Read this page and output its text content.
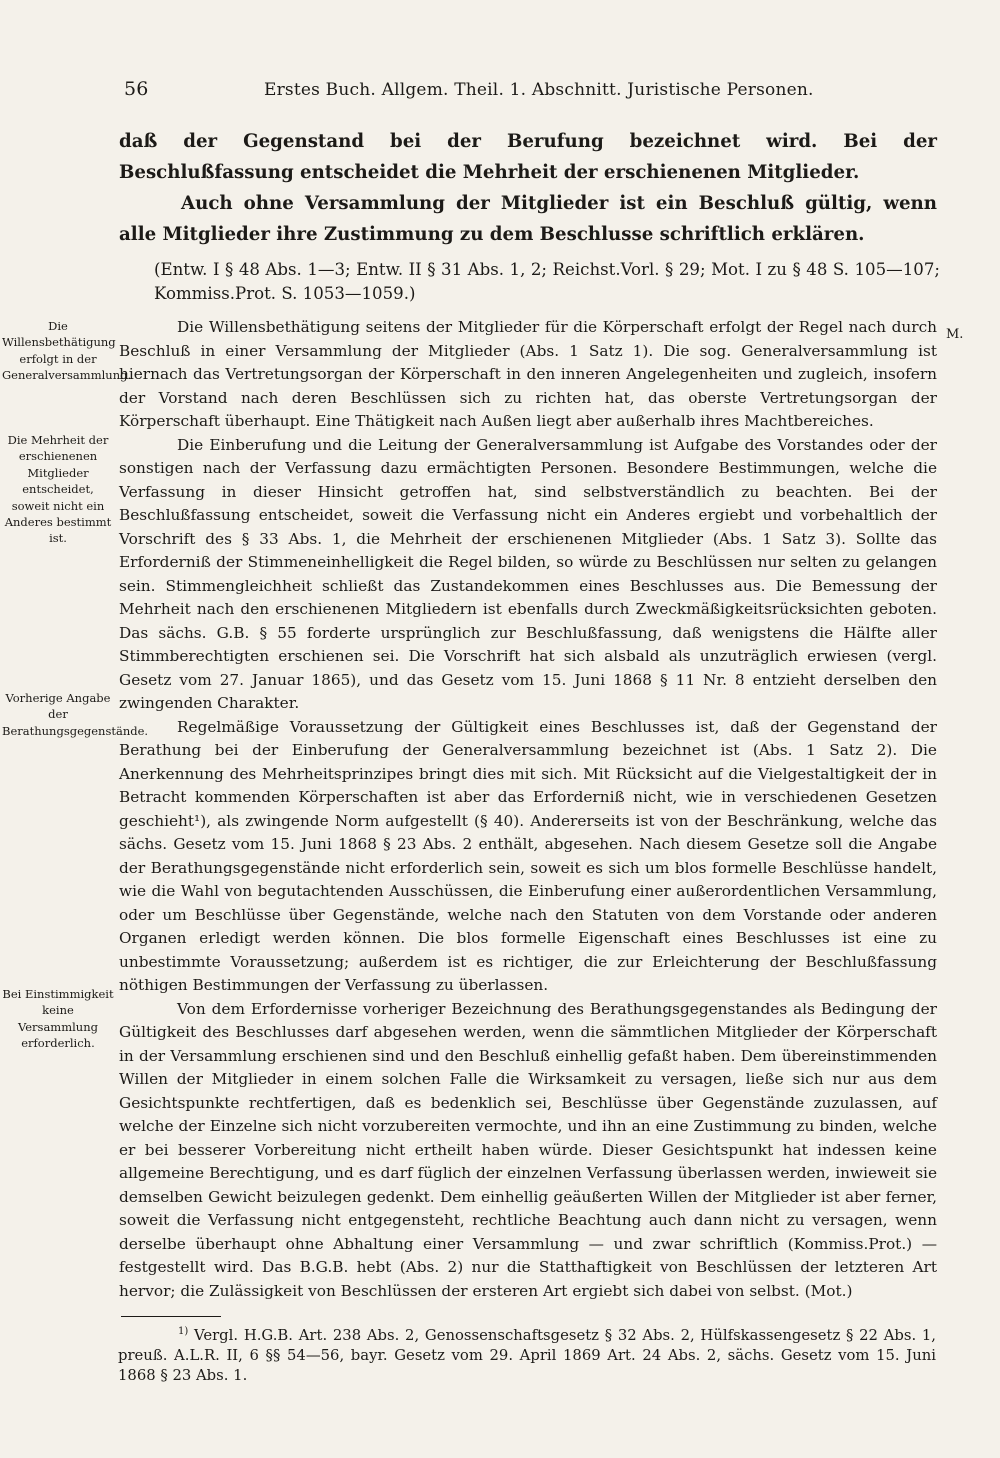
56	Erstes Buch. Allgem. Theil. 1. Abschnitt. Juristische Personen.

daß der Gegenstand bei der Berufung bezeichnet wird. Bei der Beschlußfassung entscheidet die Mehrheit der erschienenen Mitglieder.

Auch ohne Versammlung der Mitglieder ist ein Beschluß gültig, wenn alle Mitglieder ihre Zustimmung zu dem Beschlusse schriftlich erklären.

(Entw. I § 48 Abs. 1—3; Entw. II § 31 Abs. 1, 2; Reichst.Vorl. § 29; Mot. I zu § 48 S. 105—107; Kommiss.Prot. S. 1053—1059.)
Die Willensbethätigung erfolgt in der Generalversammlung.
Die Mehrheit der erschienenen Mitglieder entscheidet, soweit nicht ein Anderes bestimmt ist.
Vorherige Angabe der Berathungsgegenstände.
Bei Einstimmigkeit keine Versammlung erforderlich.
M.

Die Willensbethätigung seitens der Mitglieder für die Körperschaft erfolgt der Regel nach durch Beschluß in einer Versammlung der Mitglieder (Abs. 1 Satz 1). Die sog. Generalversammlung ist hiernach das Vertretungsorgan der Körperschaft in den inneren Angelegenheiten und zugleich, insofern der Vorstand nach deren Beschlüssen sich zu richten hat, das oberste Vertretungsorgan der Körperschaft überhaupt. Eine Thätigkeit nach Außen liegt aber außerhalb ihres Machtbereiches.

Die Einberufung und die Leitung der Generalversammlung ist Aufgabe des Vorstandes oder der sonstigen nach der Verfassung dazu ermächtigten Personen. Besondere Bestimmungen, welche die Verfassung in dieser Hinsicht getroffen hat, sind selbstverständlich zu beachten. Bei der Beschlußfassung entscheidet, soweit die Verfassung nicht ein Anderes ergiebt und vorbehaltlich der Vorschrift des § 33 Abs. 1, die Mehrheit der erschienenen Mitglieder (Abs. 1 Satz 3). Sollte das Erforderniß der Stimmeneinhelligkeit die Regel bilden, so würde zu Beschlüssen nur selten zu gelangen sein. Stimmengleichheit schließt das Zustandekommen eines Beschlusses aus. Die Bemessung der Mehrheit nach den erschienenen Mitgliedern ist ebenfalls durch Zweckmäßigkeitsrücksichten geboten. Das sächs. G.B. § 55 forderte ursprünglich zur Beschlußfassung, daß wenigstens die Hälfte aller Stimmberechtigten erschienen sei. Die Vorschrift hat sich alsbald als unzuträglich erwiesen (vergl. Gesetz vom 27. Januar 1865), und das Gesetz vom 15. Juni 1868 § 11 Nr. 8 entzieht derselben den zwingenden Charakter.

Regelmäßige Voraussetzung der Gültigkeit eines Beschlusses ist, daß der Gegenstand der Berathung bei der Einberufung der Generalversammlung bezeichnet ist (Abs. 1 Satz 2). Die Anerkennung des Mehrheitsprinzipes bringt dies mit sich. Mit Rücksicht auf die Vielgestaltigkeit der in Betracht kommenden Körperschaften ist aber das Erforderniß nicht, wie in verschiedenen Gesetzen geschieht¹), als zwingende Norm aufgestellt (§ 40). Andererseits ist von der Beschränkung, welche das sächs. Gesetz vom 15. Juni 1868 § 23 Abs. 2 enthält, abgesehen. Nach diesem Gesetze soll die Angabe der Berathungsgegenstände nicht erforderlich sein, soweit es sich um blos formelle Beschlüsse handelt, wie die Wahl von begutachtenden Ausschüssen, die Einberufung einer außerordentlichen Versammlung, oder um Beschlüsse über Gegenstände, welche nach den Statuten von dem Vorstande oder anderen Organen erledigt werden können. Die blos formelle Eigenschaft eines Beschlusses ist eine zu unbestimmte Voraussetzung; außerdem ist es richtiger, die zur Erleichterung der Beschlußfassung nöthigen Bestimmungen der Verfassung zu überlassen.

Von dem Erfordernisse vorheriger Bezeichnung des Berathungsgegenstandes als Bedingung der Gültigkeit des Beschlusses darf abgesehen werden, wenn die sämmtlichen Mitglieder der Körperschaft in der Versammlung erschienen sind und den Beschluß einhellig gefaßt haben. Dem übereinstimmenden Willen der Mitglieder in einem solchen Falle die Wirksamkeit zu versagen, ließe sich nur aus dem Gesichtspunkte rechtfertigen, daß es bedenklich sei, Beschlüsse über Gegenstände zuzulassen, auf welche der Einzelne sich nicht vorzubereiten vermochte, und ihn an eine Zustimmung zu binden, welche er bei besserer Vorbereitung nicht ertheilt haben würde. Dieser Gesichtspunkt hat indessen keine allgemeine Berechtigung, und es darf füglich der einzelnen Verfassung überlassen werden, inwieweit sie demselben Gewicht beizulegen gedenkt. Dem einhellig geäußerten Willen der Mitglieder ist aber ferner, soweit die Verfassung nicht entgegensteht, rechtliche Beachtung auch dann nicht zu versagen, wenn derselbe überhaupt ohne Abhaltung einer Versammlung — und zwar schriftlich (Kommiss.Prot.) — festgestellt wird. Das B.G.B. hebt (Abs. 2) nur die Statthaftigkeit von Beschlüssen der letzteren Art hervor; die Zulässigkeit von Beschlüssen der ersteren Art ergiebt sich dabei von selbst. (Mot.)

$^{1)}$ Vergl. H.G.B. Art. 238 Abs. 2, Genossenschaftsgesetz § 32 Abs. 2, Hülfskassengesetz § 22 Abs. 1, preuß. A.L.R. II, 6 §§ 54—56, bayr. Gesetz vom 29. April 1869 Art. 24 Abs. 2, sächs. Gesetz vom 15. Juni 1868 § 23 Abs. 1.
